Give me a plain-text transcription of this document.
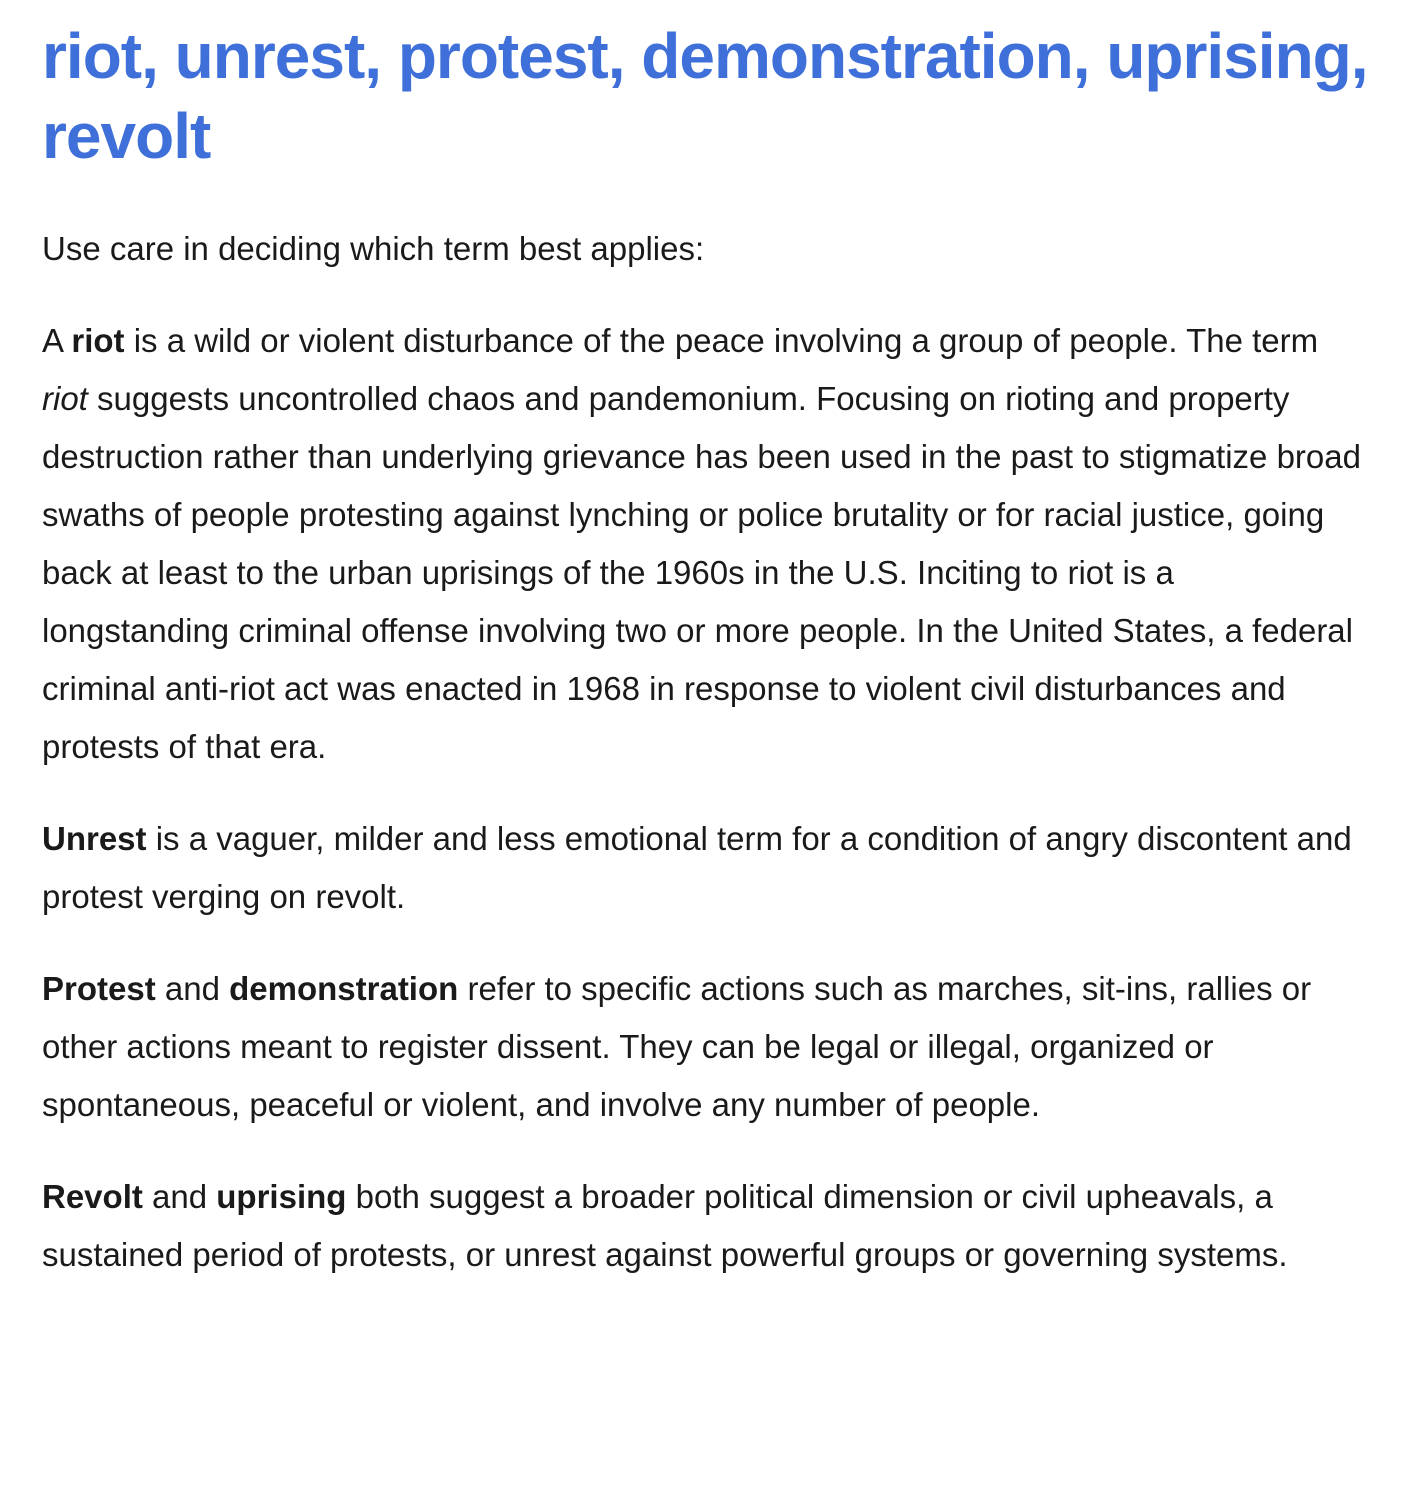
riot, unrest, protest, demonstration, uprising, revolt

Use care in deciding which term best applies:

A riot is a wild or violent disturbance of the peace involving a group of people. The term riot suggests uncontrolled chaos and pandemonium. Focusing on rioting and property destruction rather than underlying grievance has been used in the past to stigmatize broad swaths of people protesting against lynching or police brutality or for racial justice, going back at least to the urban uprisings of the 1960s in the U.S. Inciting to riot is a longstanding criminal offense involving two or more people. In the United States, a federal criminal anti-riot act was enacted in 1968 in response to violent civil disturbances and protests of that era.

Unrest is a vaguer, milder and less emotional term for a condition of angry discontent and protest verging on revolt.

Protest and demonstration refer to specific actions such as marches, sit-ins, rallies or other actions meant to register dissent. They can be legal or illegal, organized or spontaneous, peaceful or violent, and involve any number of people.

Revolt and uprising both suggest a broader political dimension or civil upheavals, a sustained period of protests, or unrest against powerful groups or governing systems.
